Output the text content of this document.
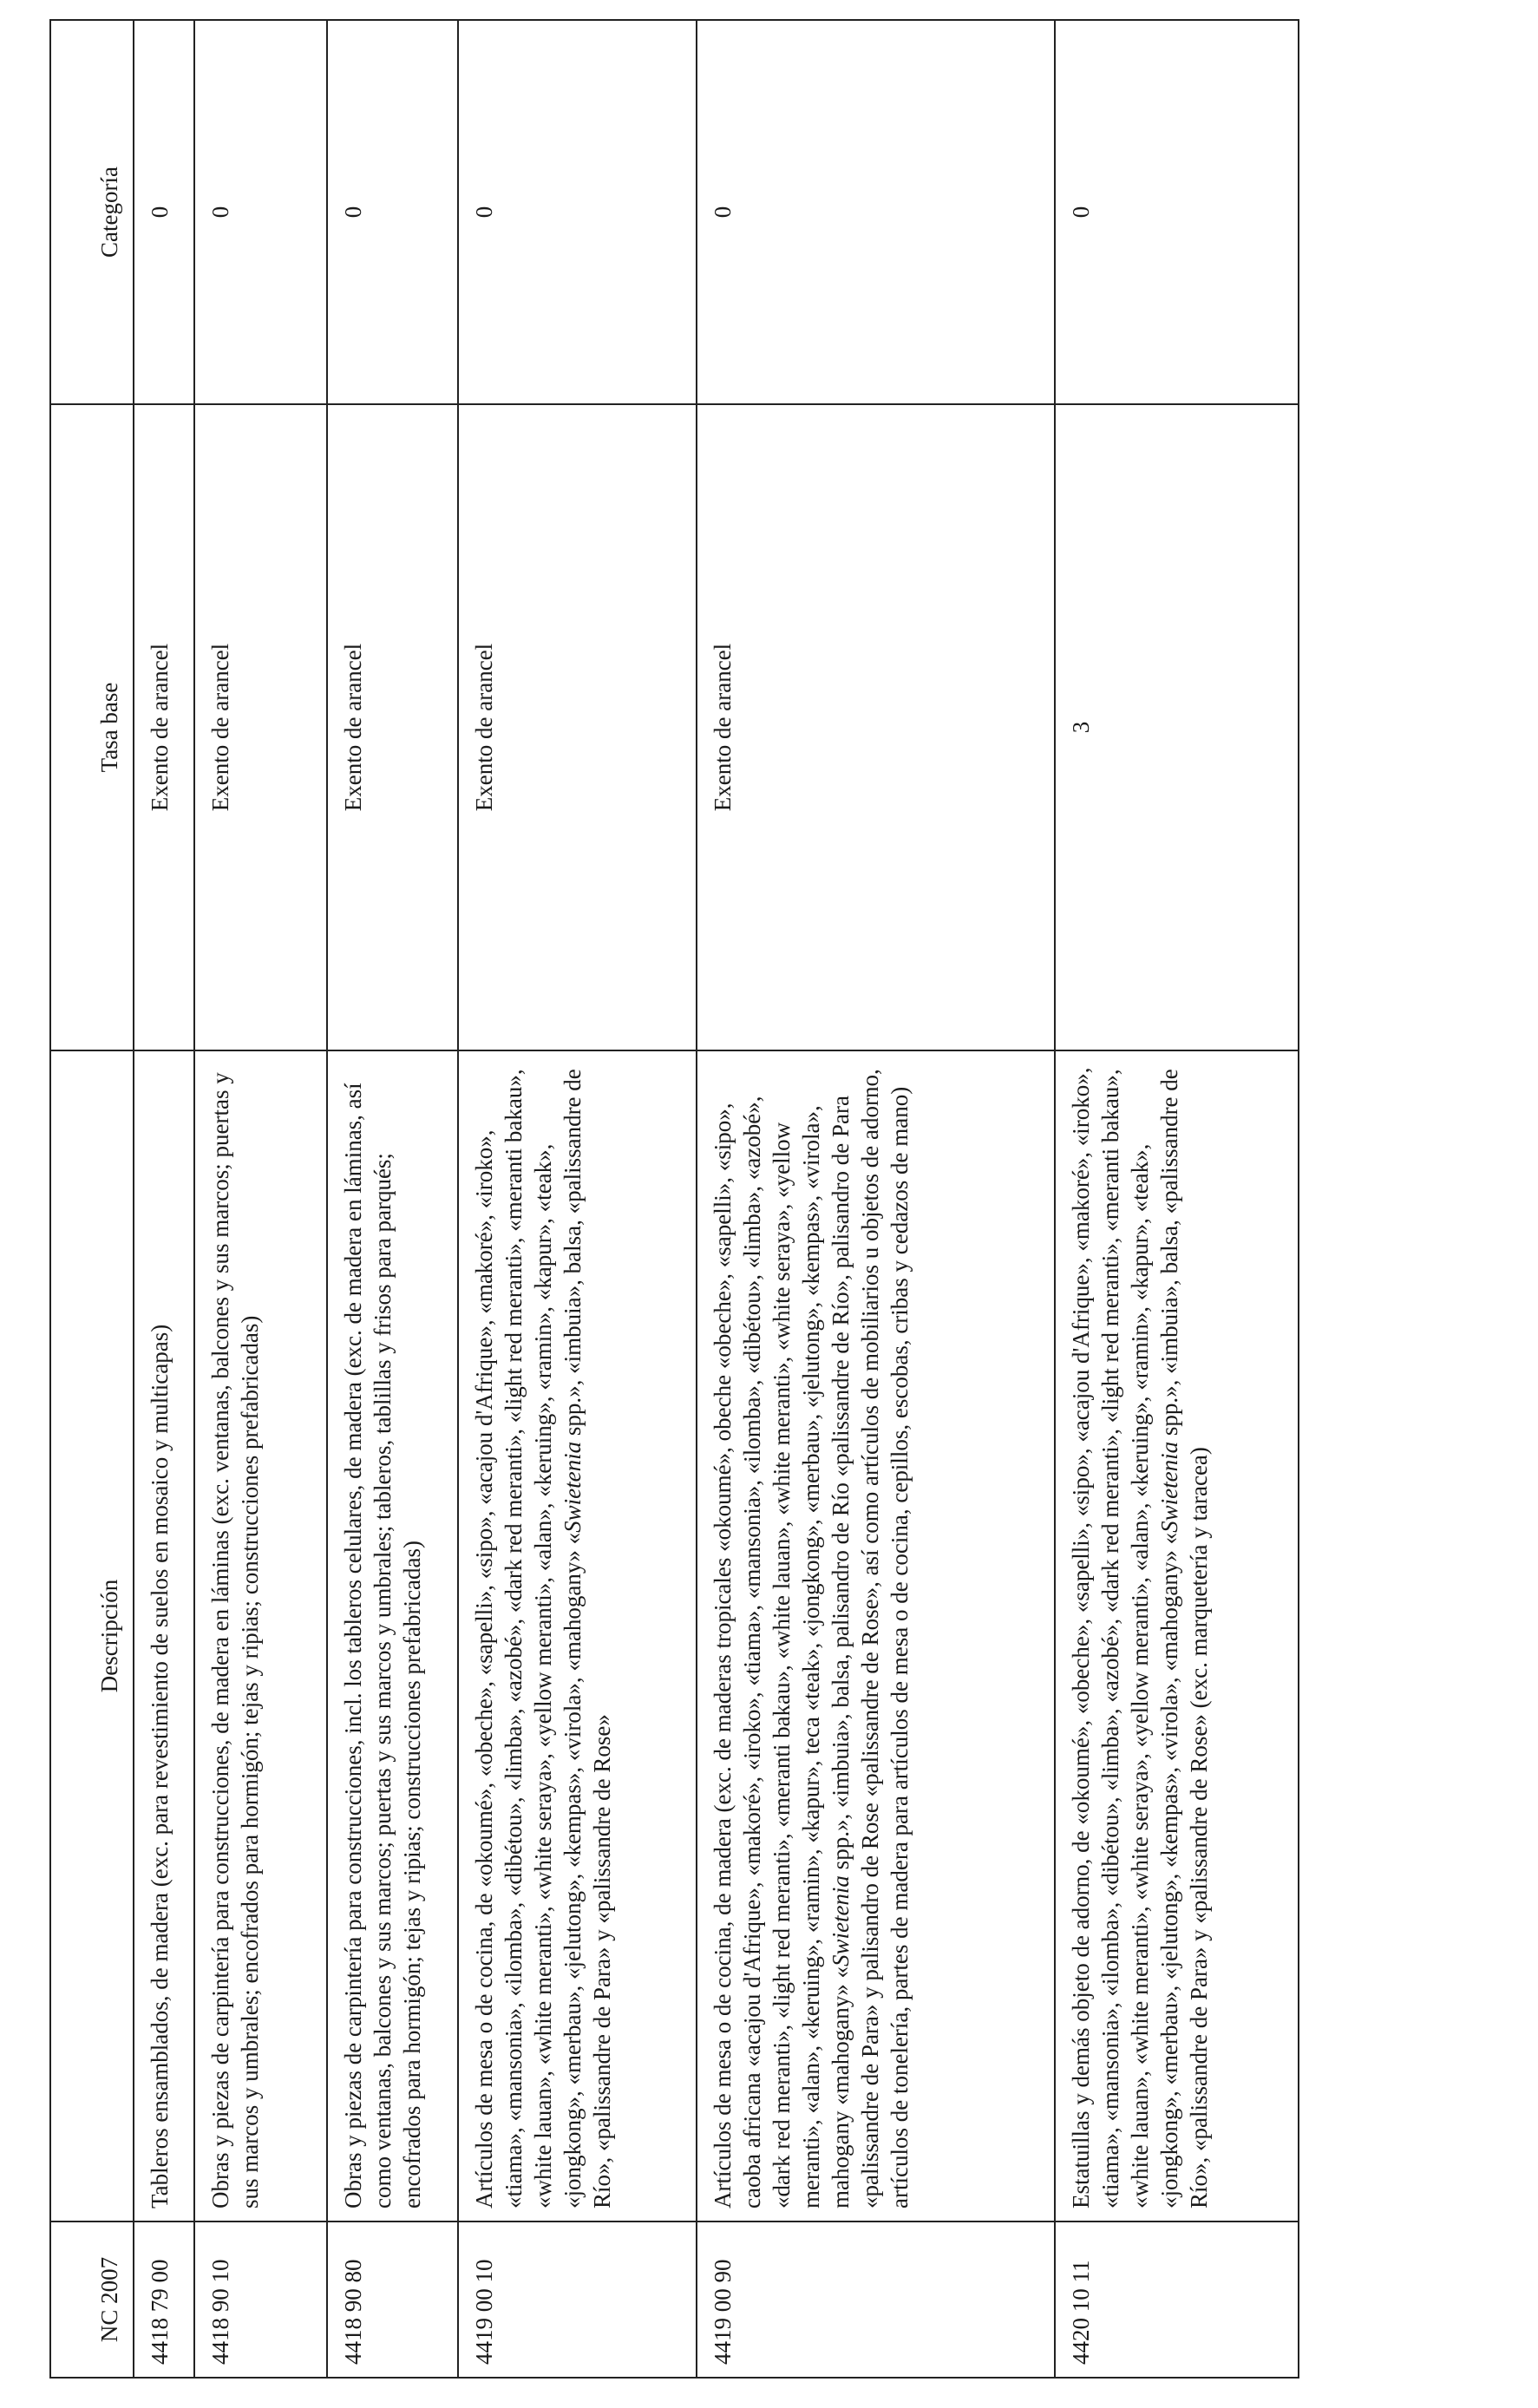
NC 2007	Descripción	Tasa base	Categoría
4418 79 00	Tableros ensamblados, de madera (exc. para revestimiento de suelos en mosaico y multicapas)	Exento de arancel	0
4418 90 10	Obras y piezas de carpintería para construcciones, de madera en láminas (exc. ventanas, balcones y sus marcos; puertas y sus marcos y umbrales; encofrados para hormigón; tejas y ripias; construcciones prefabricadas)	Exento de arancel	0
4418 90 80	Obras y piezas de carpintería para construcciones, incl. los tableros celulares, de madera (exc. de madera en láminas, así como ventanas, balcones y sus marcos; puertas y sus marcos y umbrales; tableros, tablillas y frisos para parqués; encofrados para hormigón; tejas y ripias; construcciones prefabricadas)	Exento de arancel	0
4419 00 10	Artículos de mesa o de cocina, de «okoumé», «obeche», «sapelli», «sipo», «acajou d'Afrique», «makoré», «iroko», «tiama», «mansonia», «ilomba», «dibétou», «limba», «azobé», «dark red meranti», «light red meranti», «meranti bakau», «white lauan», «white meranti», «white seraya», «yellow meranti», «alan», «keruing», «ramin», «kapur», «teak», «jongkong», «merbau», «jelutong», «kempas», «virola», «mahogany» «Swietenia spp.», «imbuia», balsa, «palissandre de Río», «palissandre de Para» y «palissandre de Rose»	Exento de arancel	0
4419 00 90	Artículos de mesa o de cocina, de madera (exc. de maderas tropicales «okoumé», obeche «obeche», «sapelli», «sipo», caoba africana «acajou d'Afrique», «makoré», «iroko», «tiama», «mansonia», «ilomba», «dibétou», «limba», «azobé», «dark red meranti», «light red meranti», «meranti bakau», «white lauan», «white meranti», «white seraya», «yellow meranti», «alan», «keruing», «ramin», «kapur», teca «teak», «jongkong», «merbau», «jelutong», «kempas», «virola», mahogany «mahogany» «Swietenia spp.», «imbuia», balsa, palisandro de Río «palissandre de Río», palisandro de Para «palissandre de Para» y palisandro de Rose «palissandre de Rose», así como artículos de mobiliarios u objetos de adorno, artículos de tonelería, partes de madera para artículos de mesa o de cocina, cepillos, escobas, cribas y cedazos de mano)	Exento de arancel	0
4420 10 11	Estatuillas y demás objeto de adorno, de «okoumé», «obeche», «sapelli», «sipo», «acajou d'Afrique», «makoré», «iroko», «tiama», «mansonia», «ilomba», «dibétou», «limba», «azobé», «dark red meranti», «light red meranti», «meranti bakau», «white lauan», «white meranti», «white seraya», «yellow meranti», «alan», «keruing», «ramin», «kapur», «teak», «jongkong», «merbau», «jelutong», «kempas», «virola», «mahogany» «Swietenia spp.», «imbuia», balsa, «palissandre de Río», «palissandre de Para» y «palissandre de Rose» (exc. marquetería y taracea)	3	0
